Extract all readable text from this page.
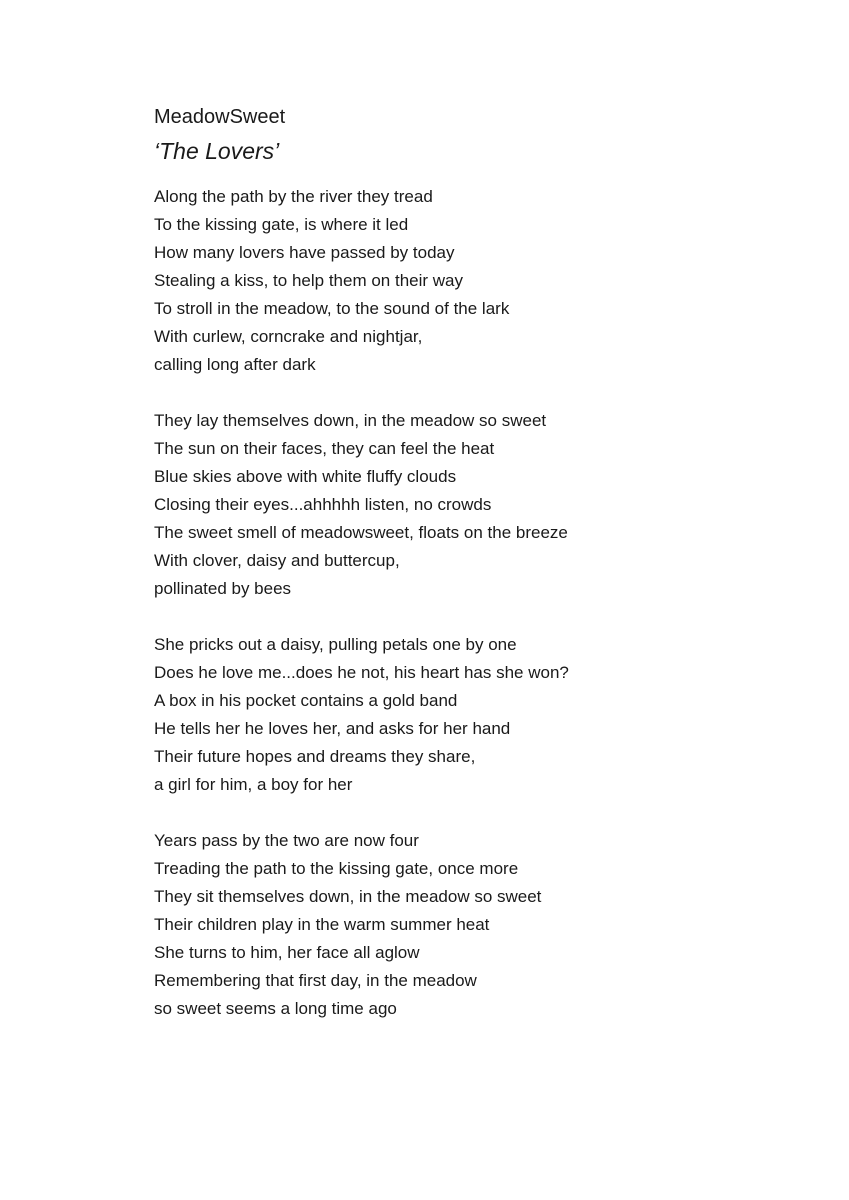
MeadowSweet
‘The Lovers’
Along the path by the river they tread
To the kissing gate, is where it led
How many lovers have passed by today
Stealing a kiss, to help them on their way
To stroll in the meadow, to the sound of the lark
With curlew, corncrake and nightjar,
calling long after dark
They lay themselves down, in the meadow so sweet
The sun on their faces, they can feel the heat
Blue skies above with white fluffy clouds
Closing their eyes...ahhhhh listen, no crowds
The sweet smell of meadowsweet, floats on the breeze
With clover, daisy and buttercup,
pollinated by bees
She pricks out a daisy, pulling petals one by one
Does he love me...does he not, his heart has she won?
A box in his pocket contains a gold band
He tells her he loves her, and asks for her hand
Their future hopes and dreams they share,
a girl for him, a boy for her
Years pass by the two are now four
Treading the path to the kissing gate, once more
They sit themselves down, in the meadow so sweet
Their children play in the warm summer heat
She turns to him, her face all aglow
Remembering that first day, in the meadow
so sweet seems a long time ago
